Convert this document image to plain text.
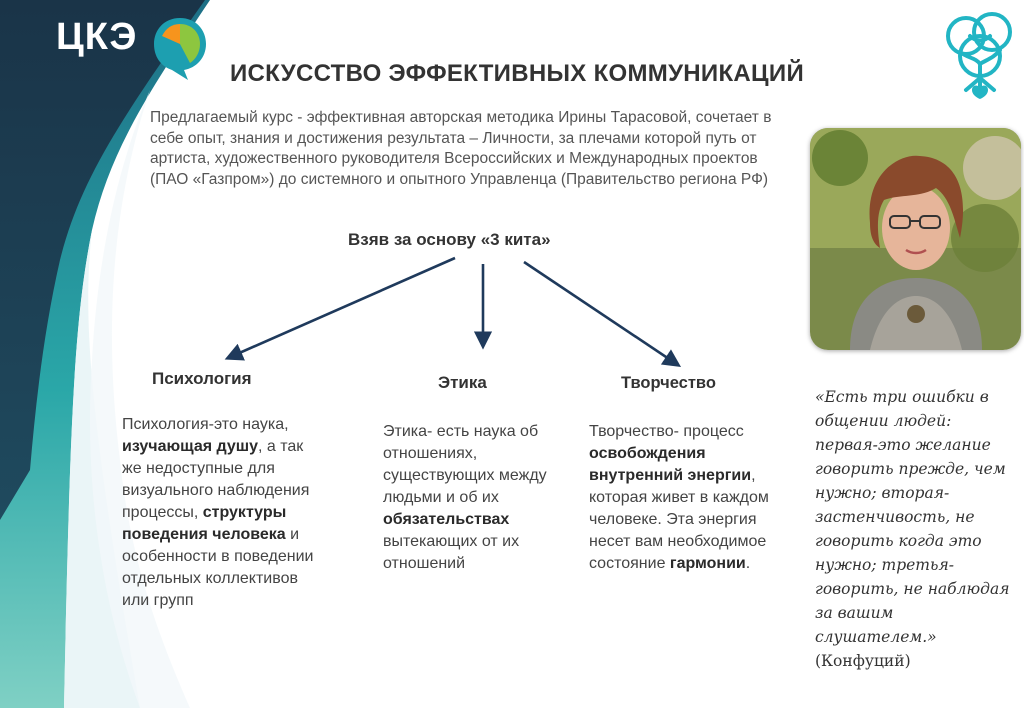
ЦКЭ
ИСКУССТВО ЭФФЕКТИВНЫХ КОММУНИКАЦИЙ
Предлагаемый курс - эффективная авторская методика Ирины Тарасовой, сочетает в себе опыт, знания и достижения результата – Личности, за плечами которой путь от артиста, художественного руководителя Всероссийских и Международных проектов (ПАО «Газпром») до системного и опытного Управленца (Правительство региона РФ)
Взяв за основу «3 кита»
Психология	Этика	Творчество
Психология-это наука, изучающая душу, а так же недоступные для визуального наблюдения процессы, структуры поведения человека и особенности в поведении отдельных коллективов или групп
Этика- есть наука об отношениях, существующих между людьми и об их обязательствах вытекающих от их отношений
Творчество- процесс освобождения внутренний энергии, которая живет в каждом человеке. Эта энергия несет вам необходимое состояние гармонии.
«Есть три ошибки в общении людей: первая-это желание говорить прежде, чем нужно; вторая-застенчивость, не говорить когда это нужно; третья-говорить, не наблюдая за вашим слушателем.»
(Конфуций)
